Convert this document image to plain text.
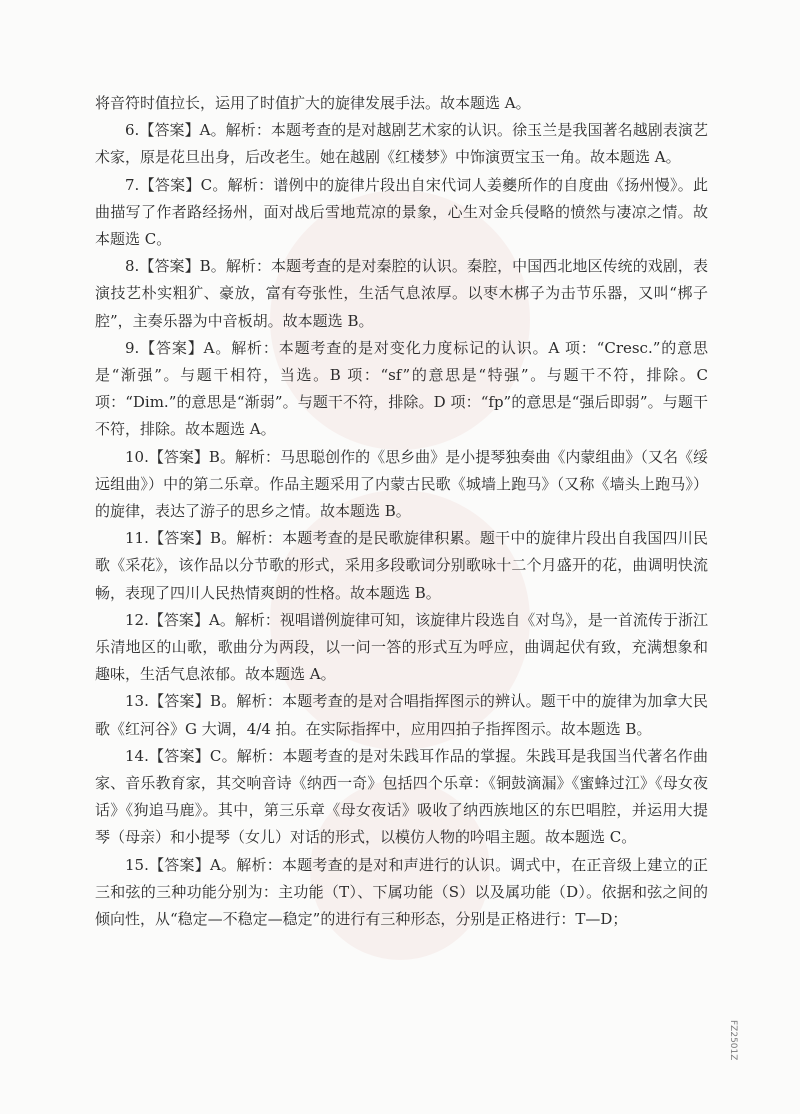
将音符时值拉长，运用了时值扩大的旋律发展手法。故本题选 A。

6.【答案】A。解析：本题考查的是对越剧艺术家的认识。徐玉兰是我国著名越剧表演艺术家，原是花旦出身，后改老生。她在越剧《红楼梦》中饰演贾宝玉一角。故本题选 A。

7.【答案】C。解析：谱例中的旋律片段出自宋代词人姜夔所作的自度曲《扬州慢》。此曲描写了作者路经扬州，面对战后雪地荒凉的景象，心生对金兵侵略的愤然与凄凉之情。故本题选 C。

8.【答案】B。解析：本题考查的是对秦腔的认识。秦腔，中国西北地区传统的戏剧，表演技艺朴实粗犷、豪放，富有夸张性，生活气息浓厚。以枣木梆子为击节乐器，又叫“梆子腔”，主奏乐器为中音板胡。故本题选 B。

9.【答案】A。解析：本题考查的是对变化力度标记的认识。A 项：“Cresc.”的意思是“渐强”。与题干相符，当选。B 项：“sf”的意思是“特强”。与题干不符，排除。C 项：“Dim.”的意思是“渐弱”。与题干不符，排除。D 项：“fp”的意思是“强后即弱”。与题干不符，排除。故本题选 A。

10.【答案】B。解析：马思聪创作的《思乡曲》是小提琴独奏曲《内蒙组曲》（又名《绥远组曲》）中的第二乐章。作品主题采用了内蒙古民歌《城墙上跑马》（又称《墙头上跑马》）的旋律，表达了游子的思乡之情。故本题选 B。

11.【答案】B。解析：本题考查的是民歌旋律积累。题干中的旋律片段出自我国四川民歌《采花》，该作品以分节歌的形式，采用多段歌词分别歌咏十二个月盛开的花，曲调明快流畅，表现了四川人民热情爽朗的性格。故本题选 B。

12.【答案】A。解析：视唱谱例旋律可知，该旋律片段选自《对鸟》，是一首流传于浙江乐清地区的山歌，歌曲分为两段，以一问一答的形式互为呼应，曲调起伏有致，充满想象和趣味，生活气息浓郁。故本题选 A。

13.【答案】B。解析：本题考查的是对合唱指挥图示的辨认。题干中的旋律为加拿大民歌《红河谷》G 大调，4/4 拍。在实际指挥中，应用四拍子指挥图示。故本题选 B。

14.【答案】C。解析：本题考查的是对朱践耳作品的掌握。朱践耳是我国当代著名作曲家、音乐教育家，其交响音诗《纳西一奇》包括四个乐章：《铜鼓滴漏》《蜜蜂过江》《母女夜话》《狗追马鹿》。其中，第三乐章《母女夜话》吸收了纳西族地区的东巴唱腔，并运用大提琴（母亲）和小提琴（女儿）对话的形式，以模仿人物的吟唱主题。故本题选 C。

15.【答案】A。解析：本题考查的是对和声进行的认识。调式中，在正音级上建立的正三和弦的三种功能分别为：主功能（T）、下属功能（S）以及属功能（D）。依据和弦之间的倾向性，从“稳定—不稳定—稳定”的进行有三种形态，分别是正格进行：T—D；

FZ2501Z
